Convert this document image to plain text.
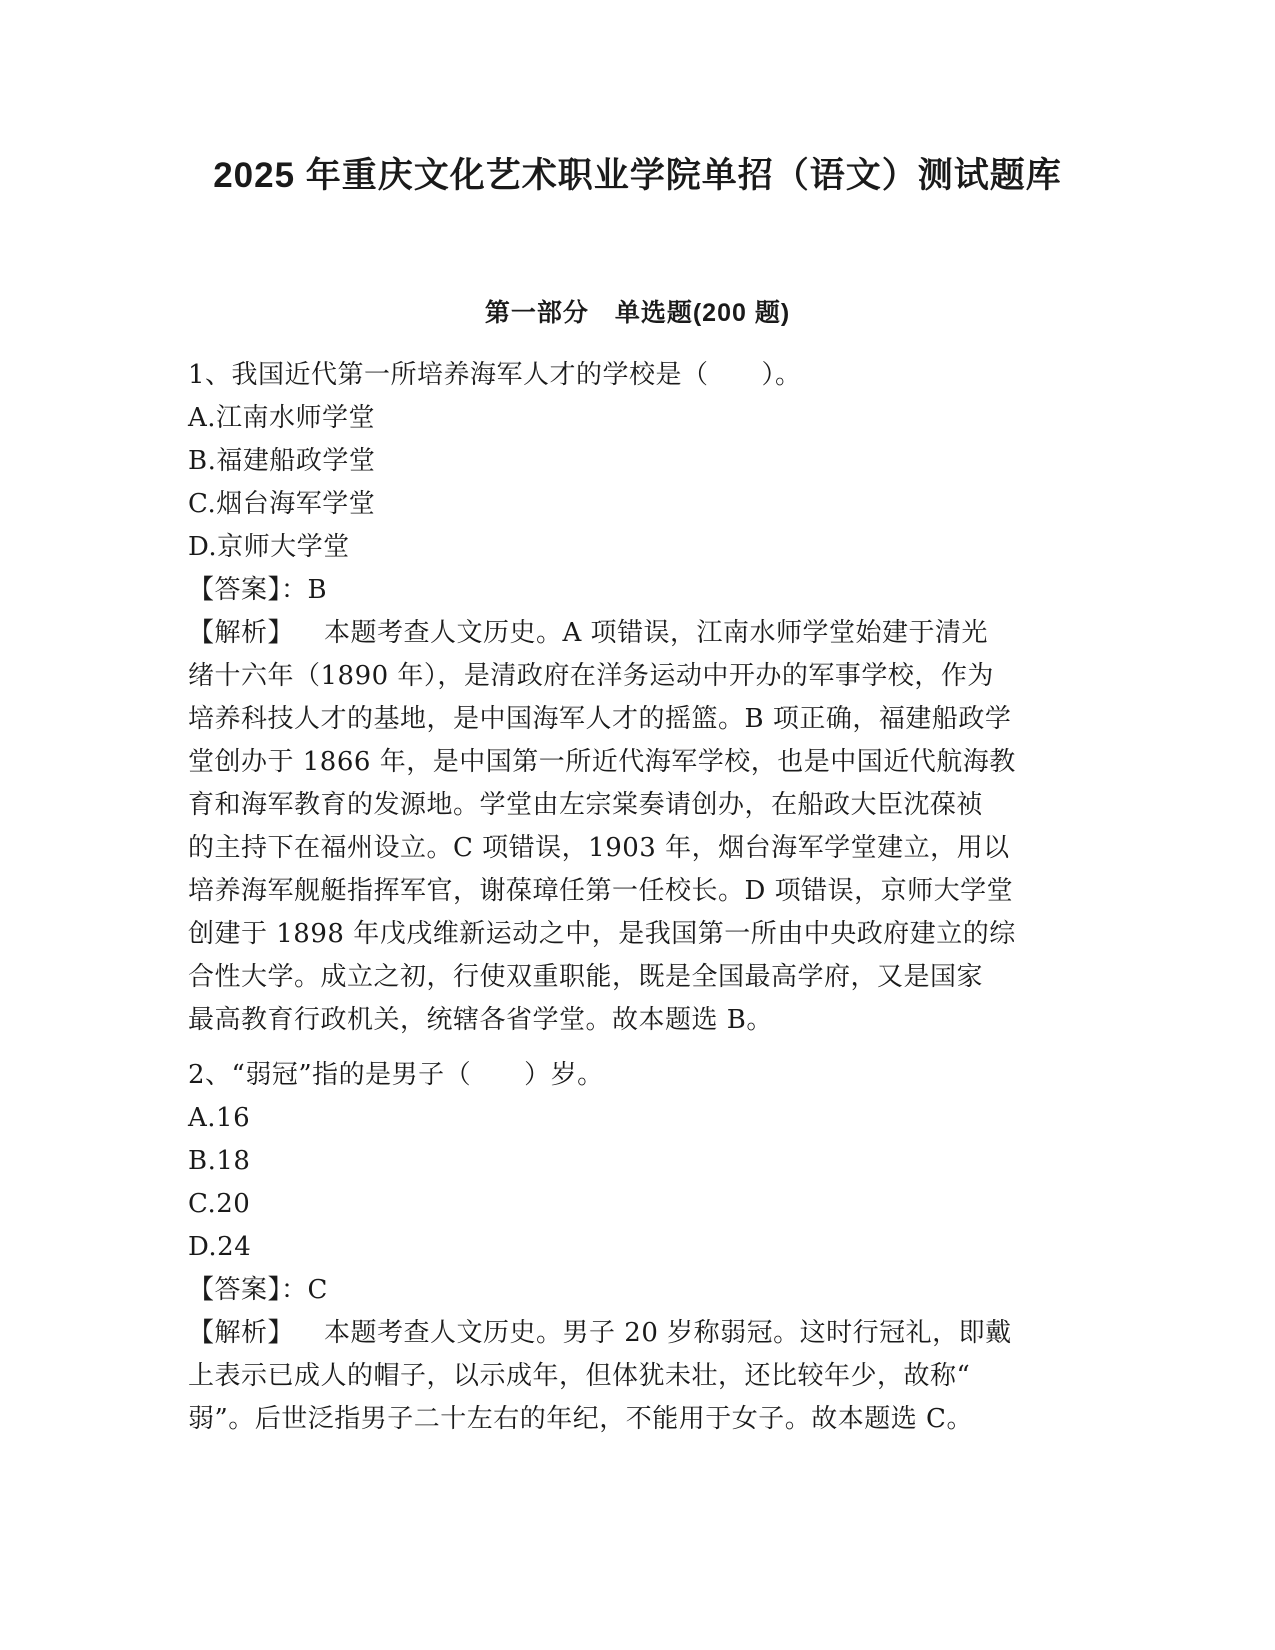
2025 年重庆文化艺术职业学院单招（语文）测试题库
第一部分　单选题(200 题)
1、我国近代第一所培养海军人才的学校是（　　）。
A.江南水师学堂
B.福建船政学堂
C.烟台海军学堂
D.京师大学堂
【答案】：B
【解析】 本题考查人文历史。A 项错误，江南水师学堂始建于清光
绪十六年（1890 年），是清政府在洋务运动中开办的军事学校，作为
培养科技人才的基地，是中国海军人才的摇篮。B 项正确，福建船政学
堂创办于 1866 年，是中国第一所近代海军学校，也是中国近代航海教
育和海军教育的发源地。学堂由左宗棠奏请创办，在船政大臣沈葆祯
的主持下在福州设立。C 项错误，1903 年，烟台海军学堂建立，用以
培养海军舰艇指挥军官，谢葆璋任第一任校长。D 项错误，京师大学堂
创建于 1898 年戊戌维新运动之中，是我国第一所由中央政府建立的综
合性大学。成立之初，行使双重职能，既是全国最高学府，又是国家
最高教育行政机关，统辖各省学堂。故本题选 B。
2、“弱冠”指的是男子（　　）岁。
A.16
B.18
C.20
D.24
【答案】：C
【解析】 本题考查人文历史。男子 20 岁称弱冠。这时行冠礼，即戴
上表示已成人的帽子，以示成年，但体犹未壮，还比较年少，故称“
弱”。后世泛指男子二十左右的年纪，不能用于女子。故本题选 C。
